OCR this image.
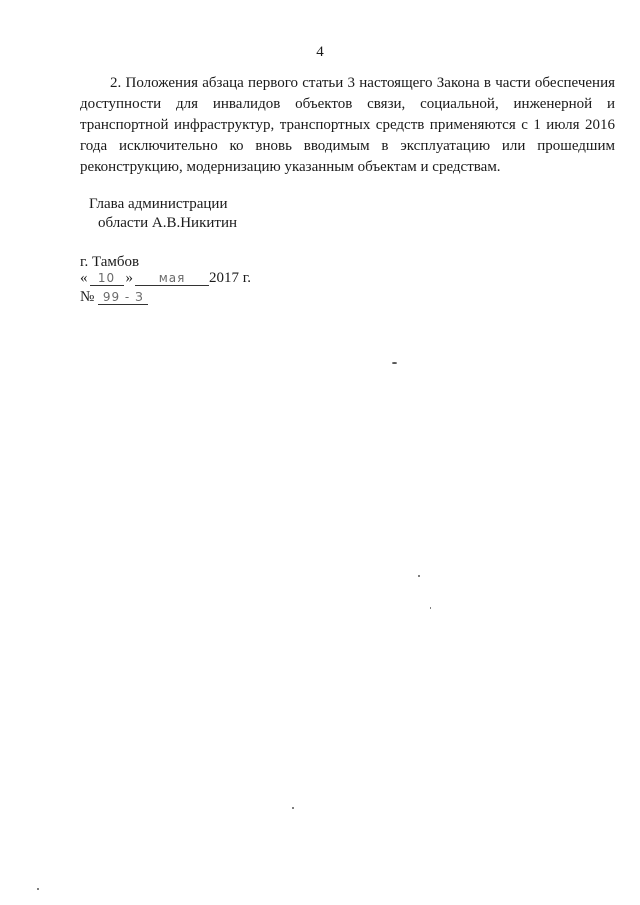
4

2. Положения абзаца первого статьи 3 настоящего Закона в части обеспечения доступности для инвалидов объектов связи, социальной, инженерной и транспортной инфраструктур, транспортных средств применяются с 1 июля 2016 года исключительно ко вновь вводимым в эксплуатацию или прошедшим реконструкцию, модернизацию указанным объектам и средствам.

Глава администрации
области А.В.Никитин
г. Тамбов
« 10 » мая 2017 г.
№ 99 - З
